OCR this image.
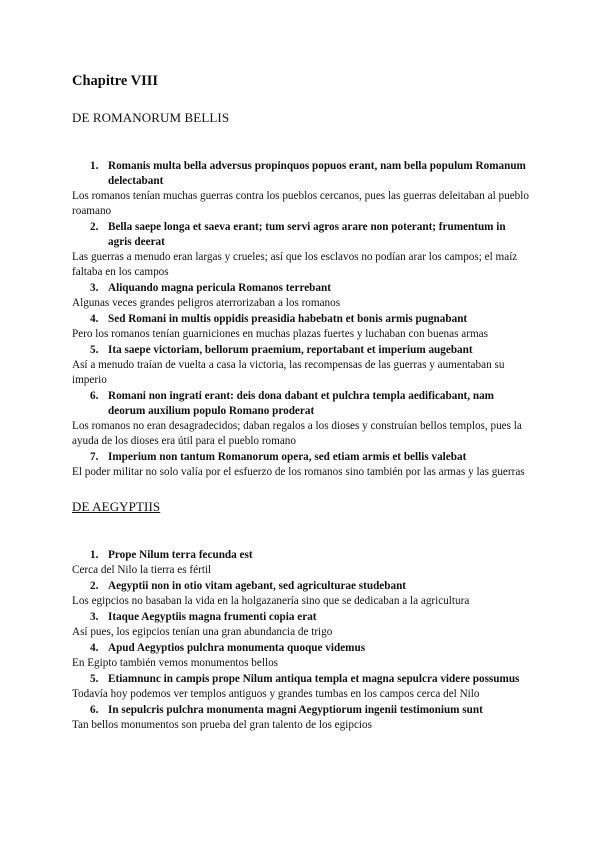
Chapitre VIII
DE ROMANORUM BELLIS
1. Romanis multa bella adversus propinquos popuos erant, nam bella populum Romanum delectabant
Los romanos tenían muchas guerras contra los pueblos cercanos, pues las guerras deleitaban al pueblo roamano
2. Bella saepe longa et saeva erant; tum servi agros arare non poterant; frumentum in agris deerat
Las guerras a menudo eran largas y crueles; así que los esclavos no podían arar los campos; el maíz faltaba en los campos
3. Aliquando magna pericula Romanos terrebant
Algunas veces grandes peligros aterrorizaban a los romanos
4. Sed Romani in multis oppidis preasidia habebatn et bonis armis pugnabant
Pero los romanos tenían guarniciones en muchas plazas fuertes y luchaban con buenas armas
5. Ita saepe victoriam, bellorum praemium, reportabant et imperium augebant
Así a menudo traían de vuelta a casa la victoria, las recompensas de las guerras y aumentaban su imperio
6. Romani non ingrati erant: deis dona dabant et pulchra templa aedificabant, nam deorum auxilium populo Romano proderat
Los romanos no eran desagradecidos; daban regalos a los dioses y construían bellos templos, pues la ayuda de los dioses era útil para el pueblo romano
7. Imperium non tantum Romanorum opera, sed etiam armis et bellis valebat
El poder militar no solo valía por el esfuerzo de los romanos sino también por las armas y las guerras
DE AEGYPTIIS
1. Prope Nilum terra fecunda est
Cerca del Nilo la tierra es fértil
2. Aegyptii non in otio vitam agebant, sed agriculturae studebant
Los egipcios no basaban la vida en la holgazanería sino que se dedicaban a la agricultura
3. Itaque Aegyptiis magna frumenti copia erat
Así pues, los egipcios tenían una gran abundancia de trigo
4. Apud Aegyptios pulchra monumenta quoque videmus
En Egipto también vemos monumentos bellos
5. Etiamnunc in campis prope Nilum antiqua templa et magna sepulcra videre possumus
Todavía hoy podemos ver templos antiguos y grandes tumbas en los campos cerca del Nilo
6. In sepulcris pulchra monumenta magni Aegyptiorum ingenii testimonium sunt
Tan bellos monumentos son prueba del gran talento de los egipcios
